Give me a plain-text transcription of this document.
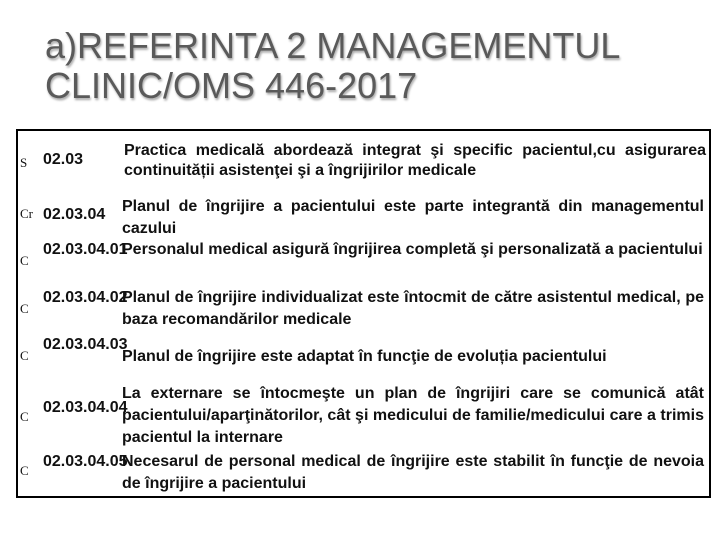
a)REFERINTA 2 MANAGEMENTUL
CLINIC/OMS 446-2017
S 02.03
Practica medicală abordează integrat şi specific pacientul,cu asigurarea continuității asistenţei şi a îngrijirilor medicale
Cr 02.03.04	Planul de îngrijire a pacientului este parte integrantă din managementul cazului
C
02.03.04.01
Personalul medical asigură îngrijirea completă şi personalizată a pacientului
C
02.03.04.02
Planul de îngrijire individualizat este întocmit de către asistentul medical, pe baza recomandărilor medicale
C
02.03.04.03
Planul de îngrijire este adaptat în funcţie de evoluția pacientului
C
02.03.04.04
La externare se întocmeşte un plan de îngrijiri care se comunică atât pacientului/aparţinătorilor, cât şi medicului de familie/medicului care a trimis pacientul la internare
C
02.03.04.05
Necesarul de personal medical de îngrijire este stabilit în funcţie de nevoia de îngrijire a pacientului
